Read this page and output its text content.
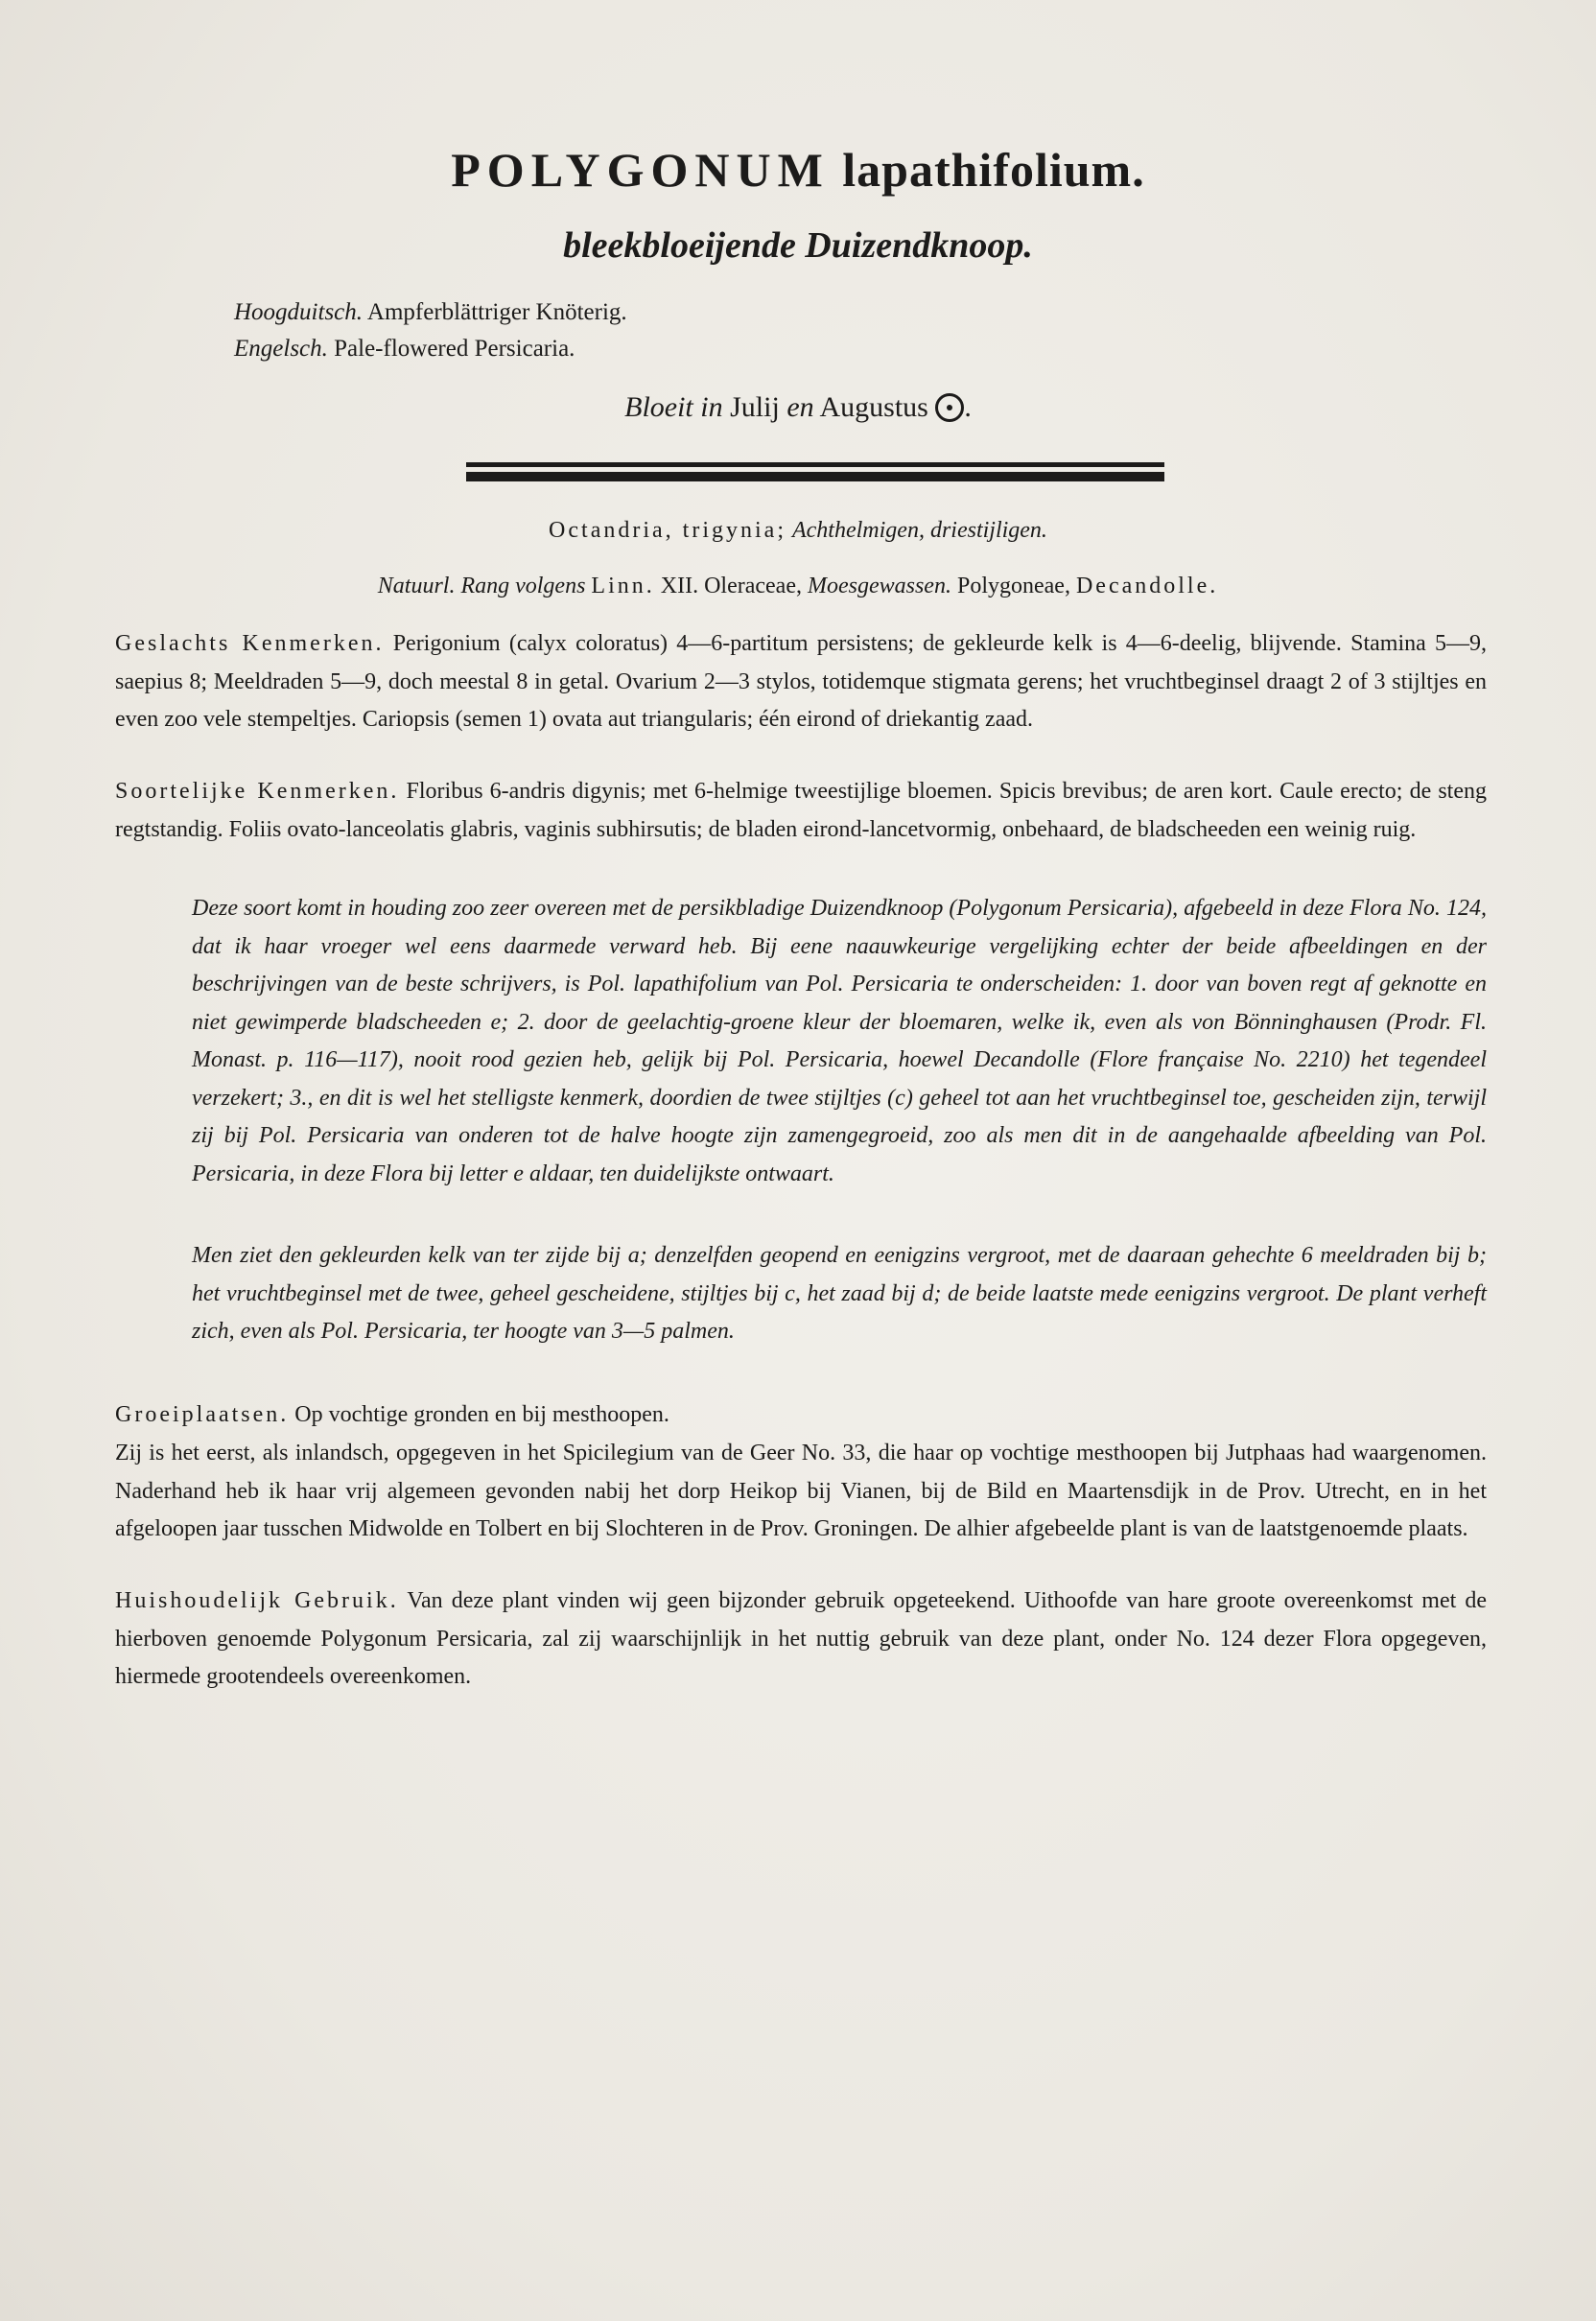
POLYGONUM lapathifolium.
bleekbloeijende Duizendknoop.
Hoogduitsch. Ampferblättriger Knöterig.
Engelsch. Pale-flowered Persicaria.
Bloeit in Julij en Augustus .
Octandria, trigynia; Achthelmigen, driestijligen.
Natuurl. Rang volgens Linn. XII. Oleraceae, Moesgewassen. Polygoneae, Decandolle.
Geslachts Kenmerken. Perigonium (calyx coloratus) 4—6-partitum persistens; de gekleurde kelk is 4—6-deelig, blijvende. Stamina 5—9, saepius 8; Meeldraden 5—9, doch meestal 8 in getal. Ovarium 2—3 stylos, totidemque stigmata gerens; het vruchtbeginsel draagt 2 of 3 stijltjes en even zoo vele stempeltjes. Cariopsis (semen 1) ovata aut triangularis; één eirond of driekantig zaad.
Soortelijke Kenmerken. Floribus 6-andris digynis; met 6-helmige tweestijlige bloemen. Spicis brevibus; de aren kort. Caule erecto; de steng regtstandig. Foliis ovato-lanceolatis glabris, vaginis subhirsutis; de bladen eirond-lancetvormig, onbehaard, de bladscheeden een weinig ruig.
Deze soort komt in houding zoo zeer overeen met de persikbladige Duizendknoop (Polygonum Persicaria), afgebeeld in deze Flora No. 124, dat ik haar vroeger wel eens daarmede verward heb. Bij eene naauwkeurige vergelijking echter der beide afbeeldingen en der beschrijvingen van de beste schrijvers, is Pol. lapathifolium van Pol. Persicaria te onderscheiden: 1. door van boven regt af geknotte en niet gewimperde bladscheeden e; 2. door de geelachtig-groene kleur der bloemaren, welke ik, even als von Bönninghausen (Prodr. Fl. Monast. p. 116—117), nooit rood gezien heb, gelijk bij Pol. Persicaria, hoewel Decandolle (Flore française No. 2210) het tegendeel verzekert; 3., en dit is wel het stelligste kenmerk, doordien de twee stijltjes (c) geheel tot aan het vruchtbeginsel toe, gescheiden zijn, terwijl zij bij Pol. Persicaria van onderen tot de halve hoogte zijn zamengegroeid, zoo als men dit in de aangehaalde afbeelding van Pol. Persicaria, in deze Flora bij letter e aldaar, ten duidelijkste ontwaart.
Men ziet den gekleurden kelk van ter zijde bij a; denzelfden geopend en eenigzins vergroot, met de daaraan gehechte 6 meeldraden bij b; het vruchtbeginsel met de twee, geheel gescheidene, stijltjes bij c, het zaad bij d; de beide laatste mede eenigzins vergroot. De plant verheft zich, even als Pol. Persicaria, ter hoogte van 3—5 palmen.
Groeiplaatsen. Op vochtige gronden en bij mesthoopen.
Zij is het eerst, als inlandsch, opgegeven in het Spicilegium van de Geer No. 33, die haar op vochtige mesthoopen bij Jutphaas had waargenomen. Naderhand heb ik haar vrij algemeen gevonden nabij het dorp Heikop bij Vianen, bij de Bild en Maartensdijk in de Prov. Utrecht, en in het afgeloopen jaar tusschen Midwolde en Tolbert en bij Slochteren in de Prov. Groningen. De alhier afgebeelde plant is van de laatstgenoemde plaats.
Huishoudelijk Gebruik. Van deze plant vinden wij geen bijzonder gebruik opgeteekend. Uithoofde van hare groote overeenkomst met de hierboven genoemde Polygonum Persicaria, zal zij waarschijnlijk in het nuttig gebruik van deze plant, onder No. 124 dezer Flora opgegeven, hiermede grootendeels overeenkomen.
